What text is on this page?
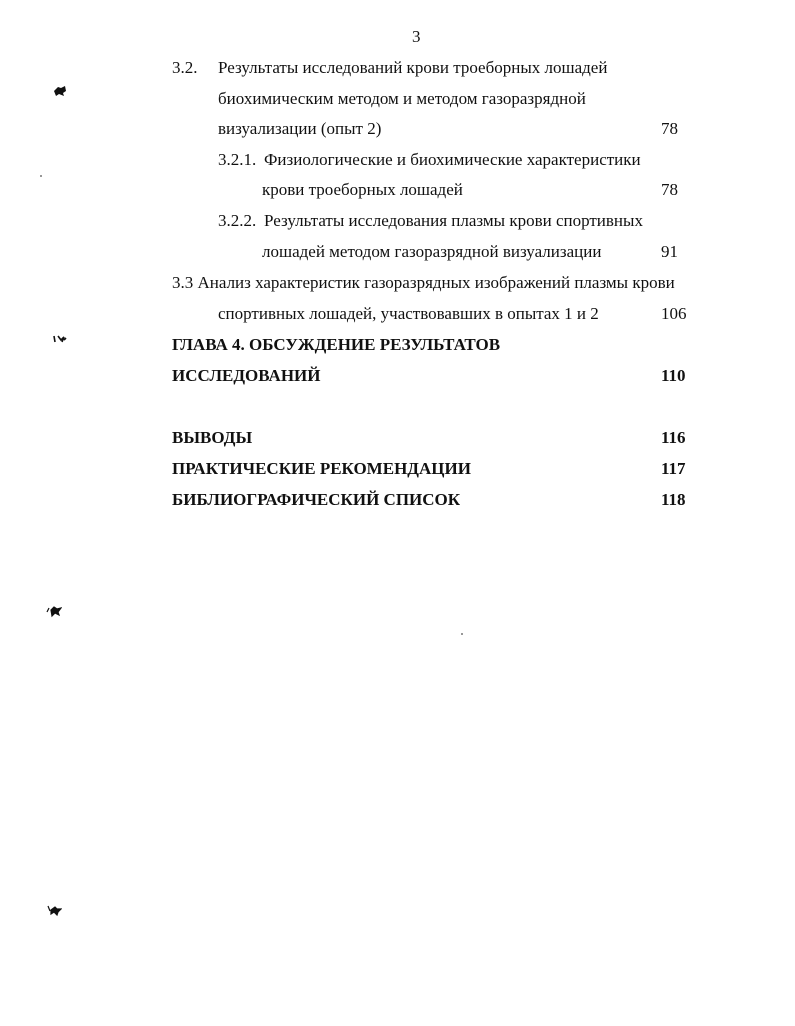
3
3.2. Результаты исследований крови троеборных лошадей
биохимическим методом и методом газоразрядной
визуализации (опыт 2)	78
3.2.1. Физиологические и биохимические характеристики
крови троеборных лошадей	78
3.2.2. Результаты исследования плазмы крови спортивных
лошадей методом газоразрядной визуализации	91
3.3 Анализ характеристик газоразрядных изображений плазмы крови
спортивных лошадей, участвовавших в опытах 1 и 2	106
ГЛАВА 4. ОБСУЖДЕНИЕ РЕЗУЛЬТАТОВ
ИССЛЕДОВАНИЙ	110
ВЫВОДЫ	116
ПРАКТИЧЕСКИЕ РЕКОМЕНДАЦИИ	117
БИБЛИОГРАФИЧЕСКИЙ СПИСОК	118
